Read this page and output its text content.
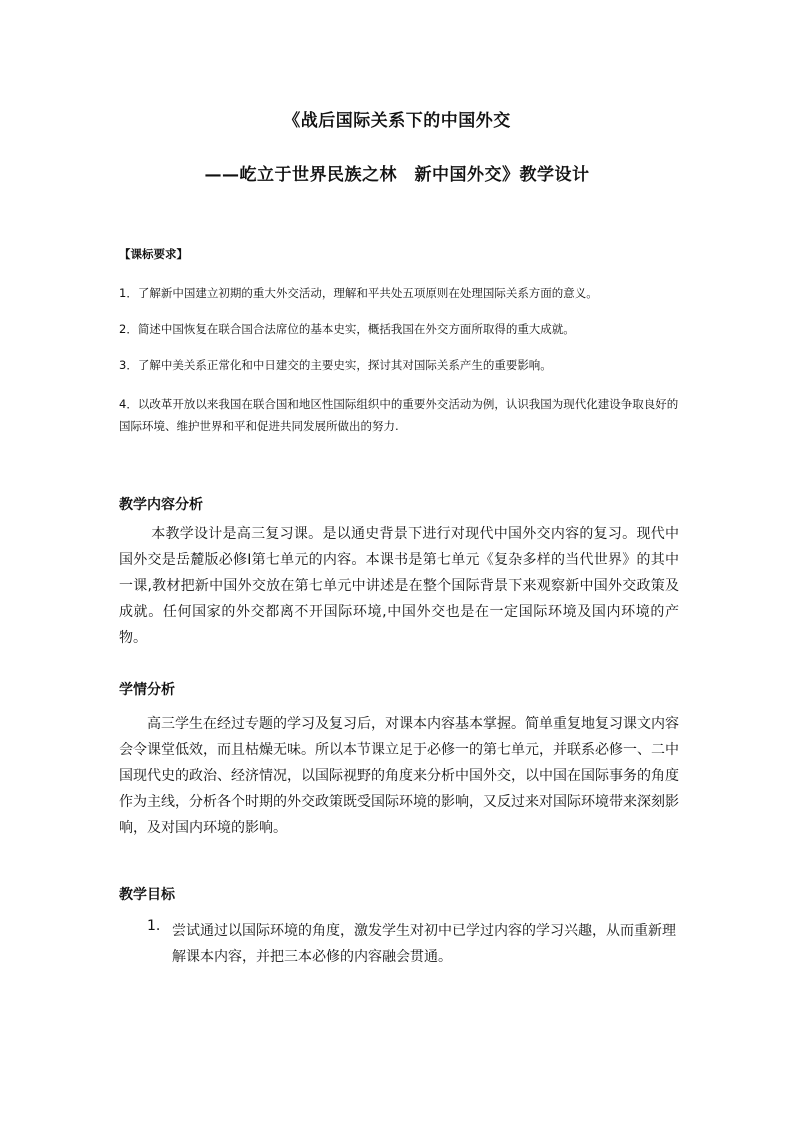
《战后国际关系下的中国外交
——屹立于世界民族之林　新中国外交》教学设计
【课标要求】
1．了解新中国建立初期的重大外交活动，理解和平共处五项原则在处理国际关系方面的意义。
2．简述中国恢复在联合国合法席位的基本史实，概括我国在外交方面所取得的重大成就。
3．了解中美关系正常化和中日建交的主要史实，探讨其对国际关系产生的重要影响。
4．以改革开放以来我国在联合国和地区性国际组织中的重要外交活动为例，认识我国为现代化建设争取良好的国际环境、维护世界和平和促进共同发展所做出的努力.
教学内容分析
本教学设计是高三复习课。是以通史背景下进行对现代中国外交内容的复习。现代中国外交是岳麓版必修Ⅰ第七单元的内容。本课书是第七单元《复杂多样的当代世界》的其中一课,教材把新中国外交放在第七单元中讲述是在整个国际背景下来观察新中国外交政策及成就。任何国家的外交都离不开国际环境,中国外交也是在一定国际环境及国内环境的产物。
学情分析
高三学生在经过专题的学习及复习后，对课本内容基本掌握。简单重复地复习课文内容会令课堂低效，而且枯燥无味。所以本节课立足于必修一的第七单元，并联系必修一、二中国现代史的政治、经济情况，以国际视野的角度来分析中国外交，以中国在国际事务的角度作为主线，分析各个时期的外交政策既受国际环境的影响，又反过来对国际环境带来深刻影响，及对国内环境的影响。
教学目标
1. 尝试通过以国际环境的角度，激发学生对初中已学过内容的学习兴趣，从而重新理解课本内容，并把三本必修的内容融会贯通。
